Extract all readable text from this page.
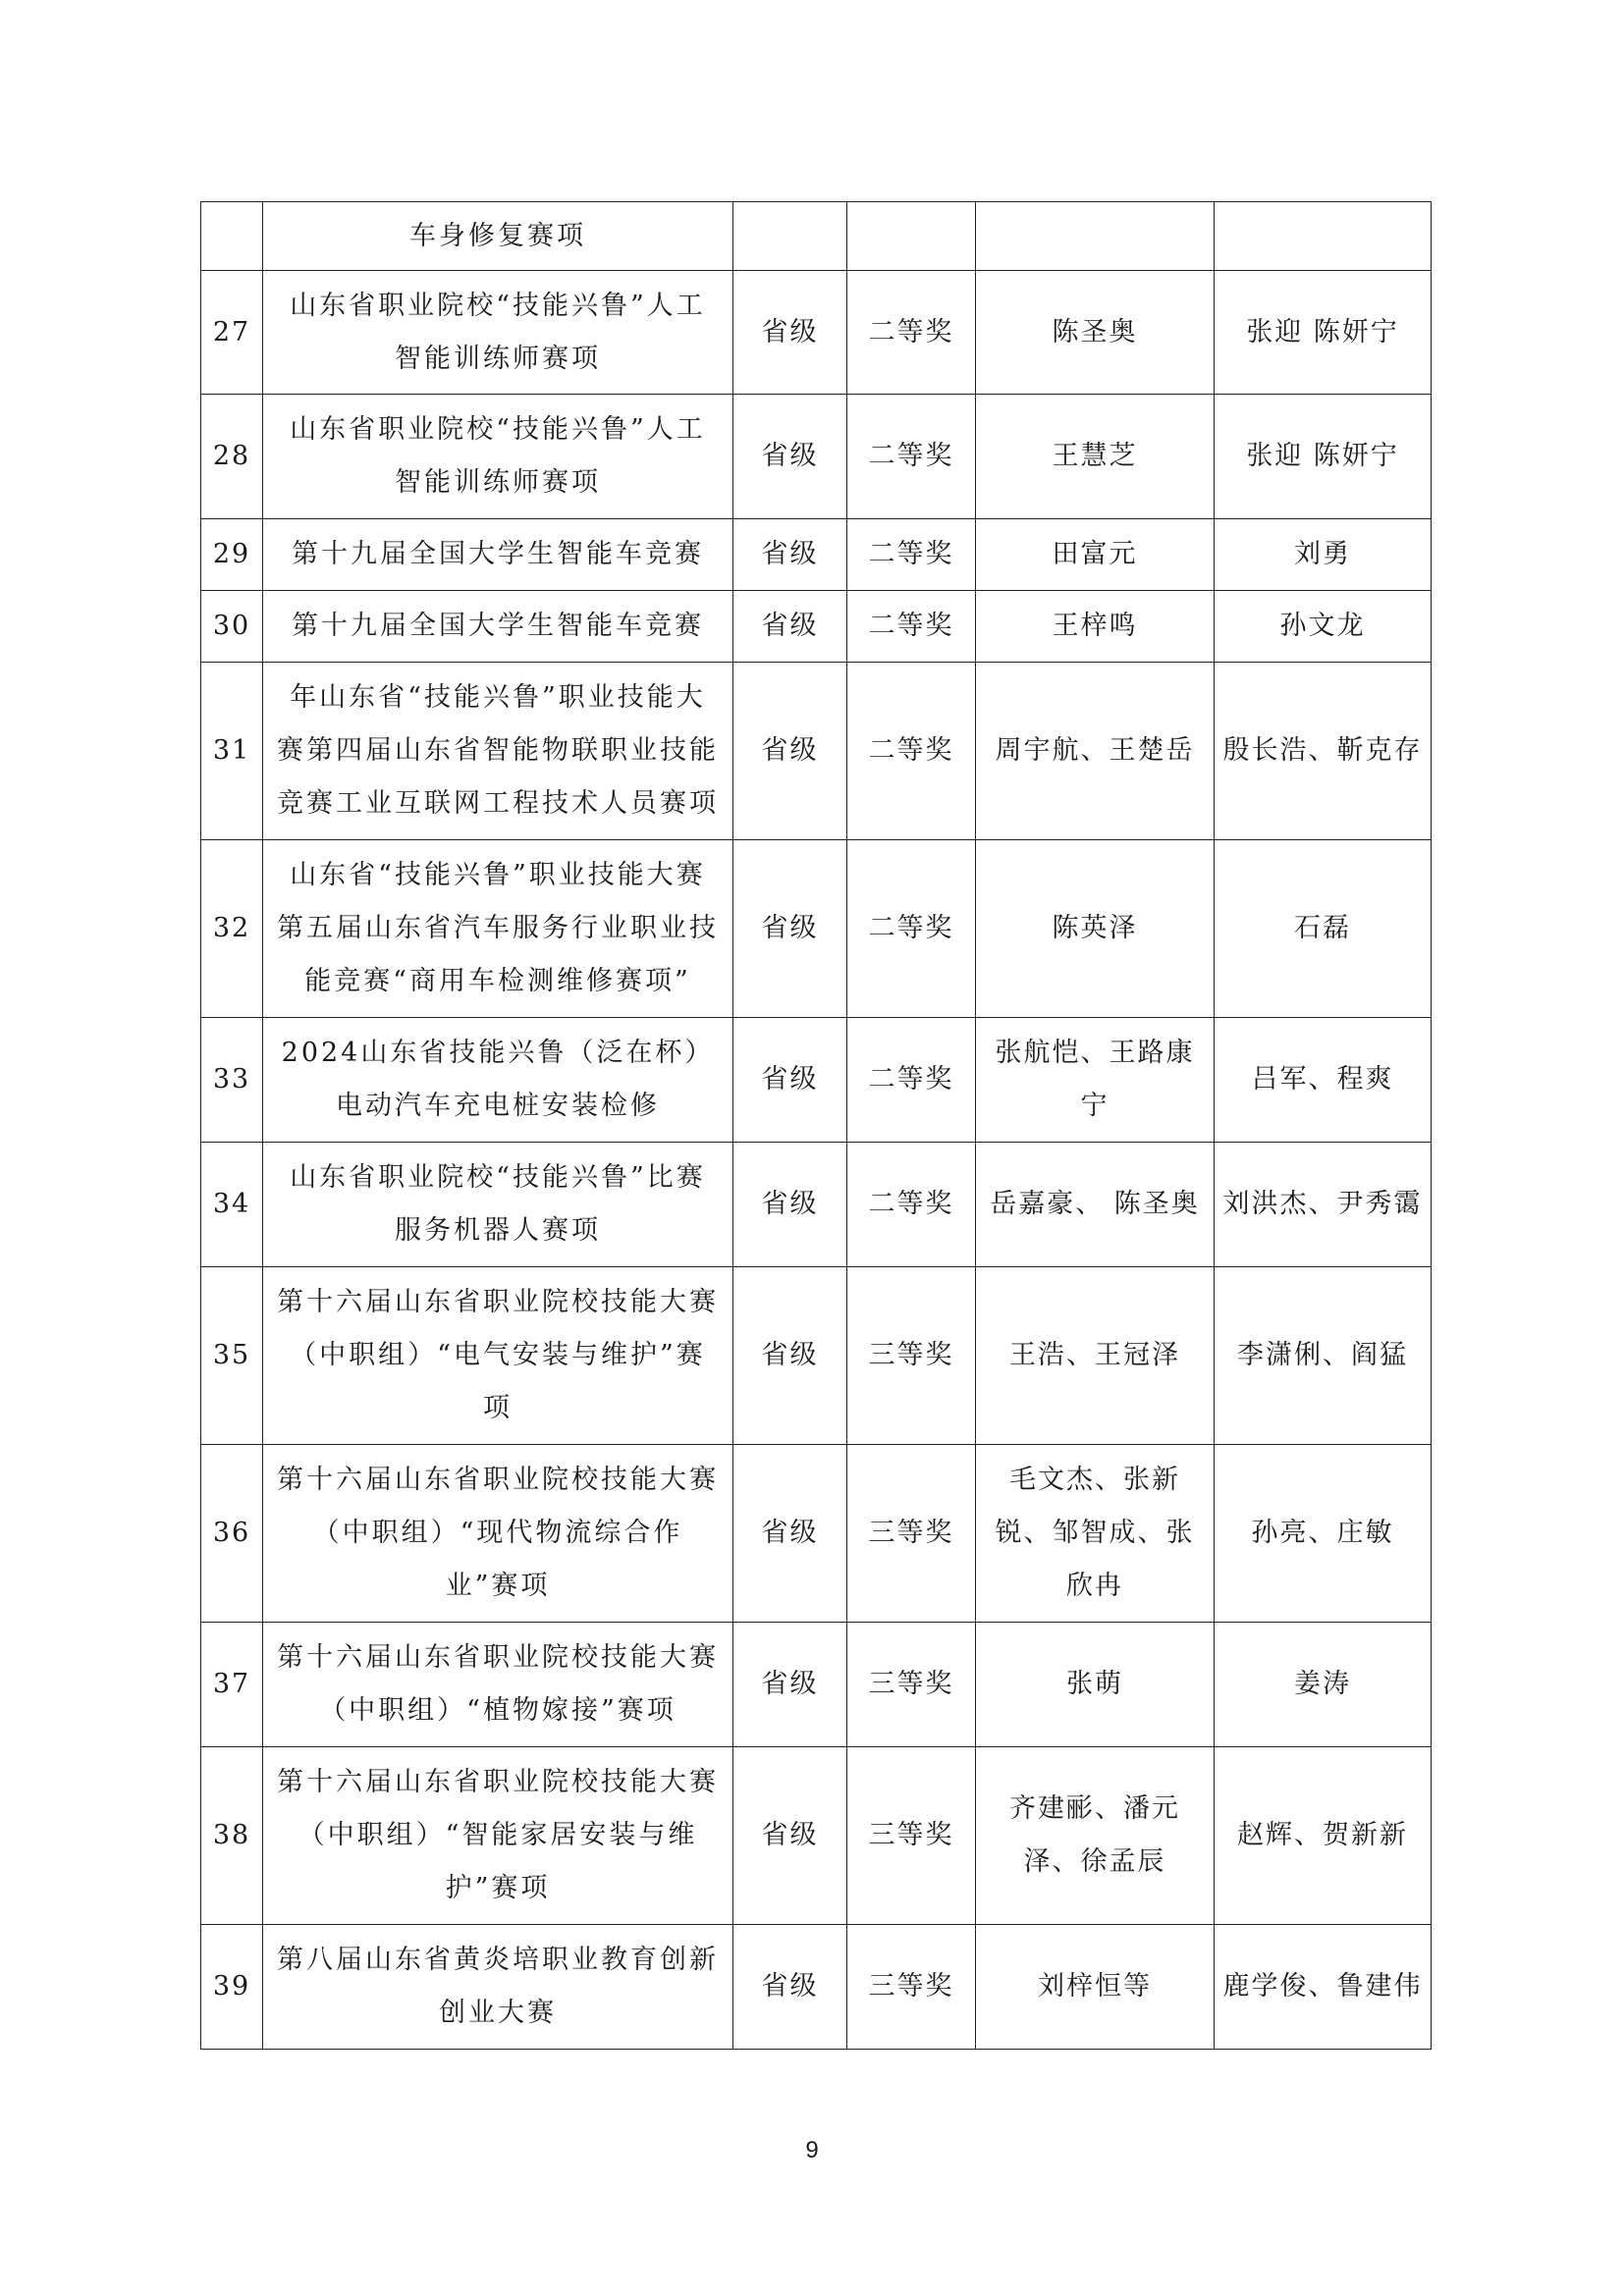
	车身修复赛项				
27	山东省职业院校“技能兴鲁”人工智能训练师赛项	省级	二等奖	陈圣奥	张迎 陈妍宁
28	山东省职业院校“技能兴鲁”人工智能训练师赛项	省级	二等奖	王慧芝	张迎 陈妍宁
29	第十九届全国大学生智能车竞赛	省级	二等奖	田富元	刘勇
30	第十九届全国大学生智能车竞赛	省级	二等奖	王梓鸣	孙文龙
31	年山东省“技能兴鲁”职业技能大赛第四届山东省智能物联职业技能竞赛工业互联网工程技术人员赛项	省级	二等奖	周宇航、王楚岳	殷长浩、靳克存
32	山东省“技能兴鲁”职业技能大赛第五届山东省汽车服务行业职业技能竞赛“商用车检测维修赛项”	省级	二等奖	陈英泽	石磊
33	2024山东省技能兴鲁（泛在杯）电动汽车充电桩安装检修	省级	二等奖	张航恺、王路康宁	吕军、程爽
34	山东省职业院校“技能兴鲁”比赛服务机器人赛项	省级	二等奖	岳嘉豪、 陈圣奥	刘洪杰、尹秀霭
35	第十六届山东省职业院校技能大赛（中职组）“电气安装与维护”赛项	省级	三等奖	王浩、王冠泽	李潇俐、阎猛
36	第十六届山东省职业院校技能大赛（中职组）“现代物流综合作业”赛项	省级	三等奖	毛文杰、张新锐、邹智成、张欣冉	孙亮、庄敏
37	第十六届山东省职业院校技能大赛（中职组）“植物嫁接”赛项	省级	三等奖	张萌	姜涛
38	第十六届山东省职业院校技能大赛（中职组）“智能家居安装与维护”赛项	省级	三等奖	齐建彨、潘元泽、徐孟辰	赵辉、贺新新
39	第八届山东省黄炎培职业教育创新创业大赛	省级	三等奖	刘梓恒等	鹿学俊、鲁建伟
9
